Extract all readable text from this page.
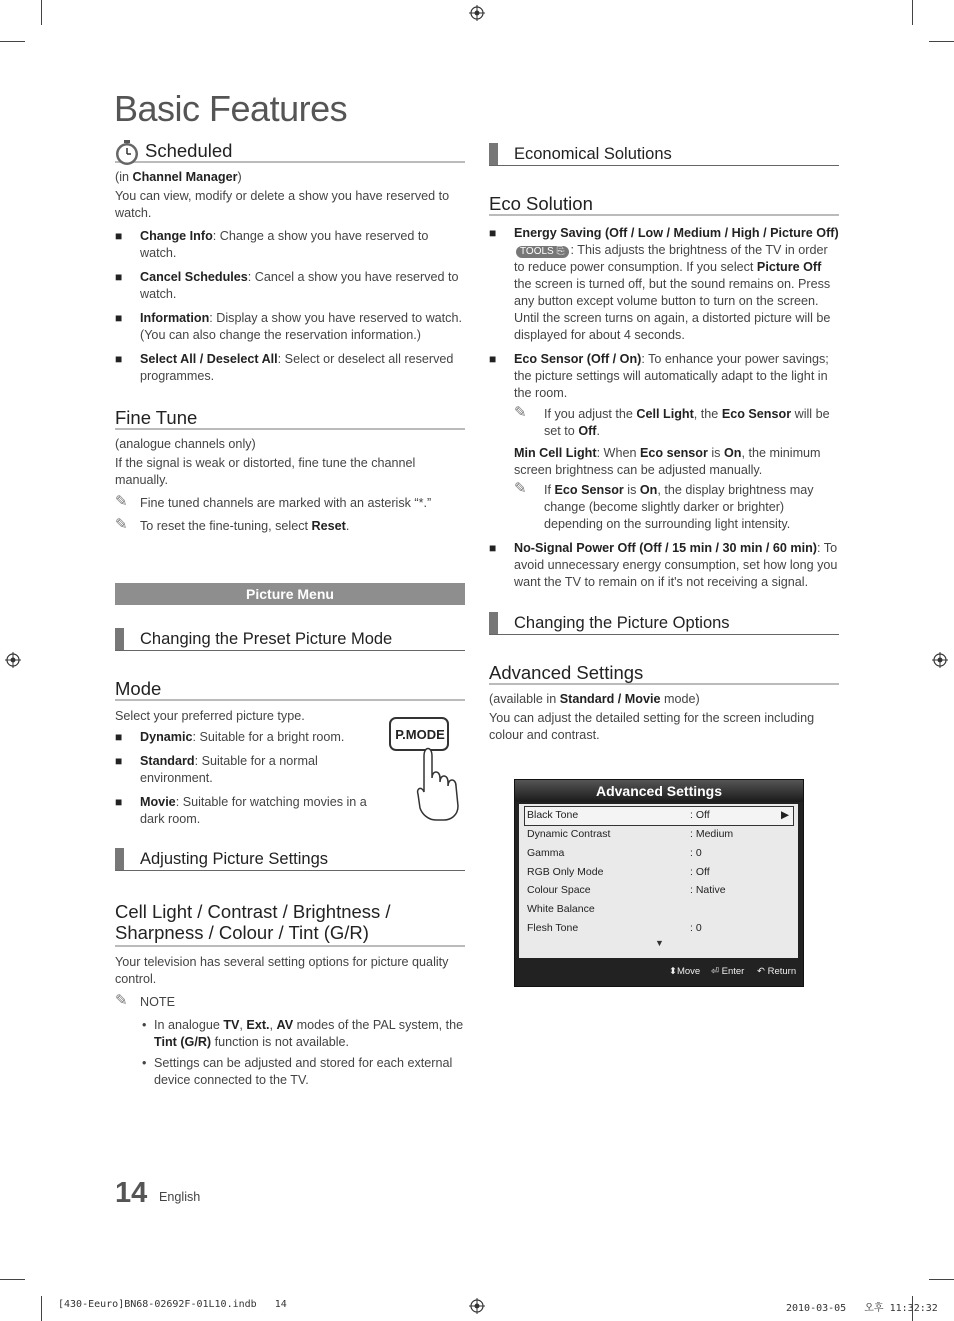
Basic Features
Scheduled

(in Channel Manager)

You can view, modify or delete a show you have reserved to watch.

■ Change Info: Change a show you have reserved to watch.
■ Cancel Schedules: Cancel a show you have reserved to watch.
■ Information: Display a show you have reserved to watch. (You can also change the reservation information.)
■ Select All / Deselect All: Select or deselect all reserved programmes.
Fine Tune

(analogue channels only)

If the signal is weak or distorted, fine tune the channel manually.

✎ Fine tuned channels are marked with an asterisk “*.”
✎ To reset the fine-tuning, select Reset.
Picture Menu
Changing the Preset Picture Mode
Mode

Select your preferred picture type.

■ Dynamic: Suitable for a bright room.
■ Standard: Suitable for a normal environment.
■ Movie: Suitable for watching movies in a dark room.
Adjusting Picture Settings
Cell Light / Contrast / Brightness /
Sharpness / Colour / Tint (G/R)

Your television has several setting options for picture quality control.

✎ NOTE
• In analogue TV, Ext., AV modes of the PAL system, the Tint (G/R) function is not available.
• Settings can be adjusted and stored for each external device connected to the TV.
P.MODE
14 English
Economical Solutions
Eco Solution
■ Energy Saving (Off / Low / Medium / High / Picture Off) TOOLS ⎘ : This adjusts the brightness of the TV in order to reduce power consumption. If you select Picture Off the screen is turned off, but the sound remains on. Press any button except volume button to turn on the screen. Until the screen turns on again, a distorted picture will be displayed for about 4 seconds.
■ Eco Sensor (Off / On): To enhance your power savings; the picture settings will automatically adapt to the light in the room.
✎ If you adjust the Cell Light, the Eco Sensor will be set to Off.

Min Cell Light: When Eco sensor is On, the minimum screen brightness can be adjusted manually.

✎ If Eco Sensor is On, the display brightness may change (become slightly darker or brighter) depending on the surrounding light intensity.
■ No-Signal Power Off (Off / 15 min / 30 min / 60 min): To avoid unnecessary energy consumption, set how long you want the TV to remain on if it's not receiving a signal.
Changing the Picture Options
Advanced Settings

(available in Standard / Movie mode)

You can adjust the detailed setting for the screen including colour and contrast.

Advanced Settings
Black Tone	: Off	▶
Dynamic Contrast	: Medium
Gamma	: 0
RGB Only Mode	: Off
Colour Space	: Native
White Balance
Flesh Tone	: 0
▼
⬍Move ⏎ Enter ↶ Return
[430-Eeuro]BN68-02692F-01L10.indb   14	2010-03-05   오후 11:32:32
